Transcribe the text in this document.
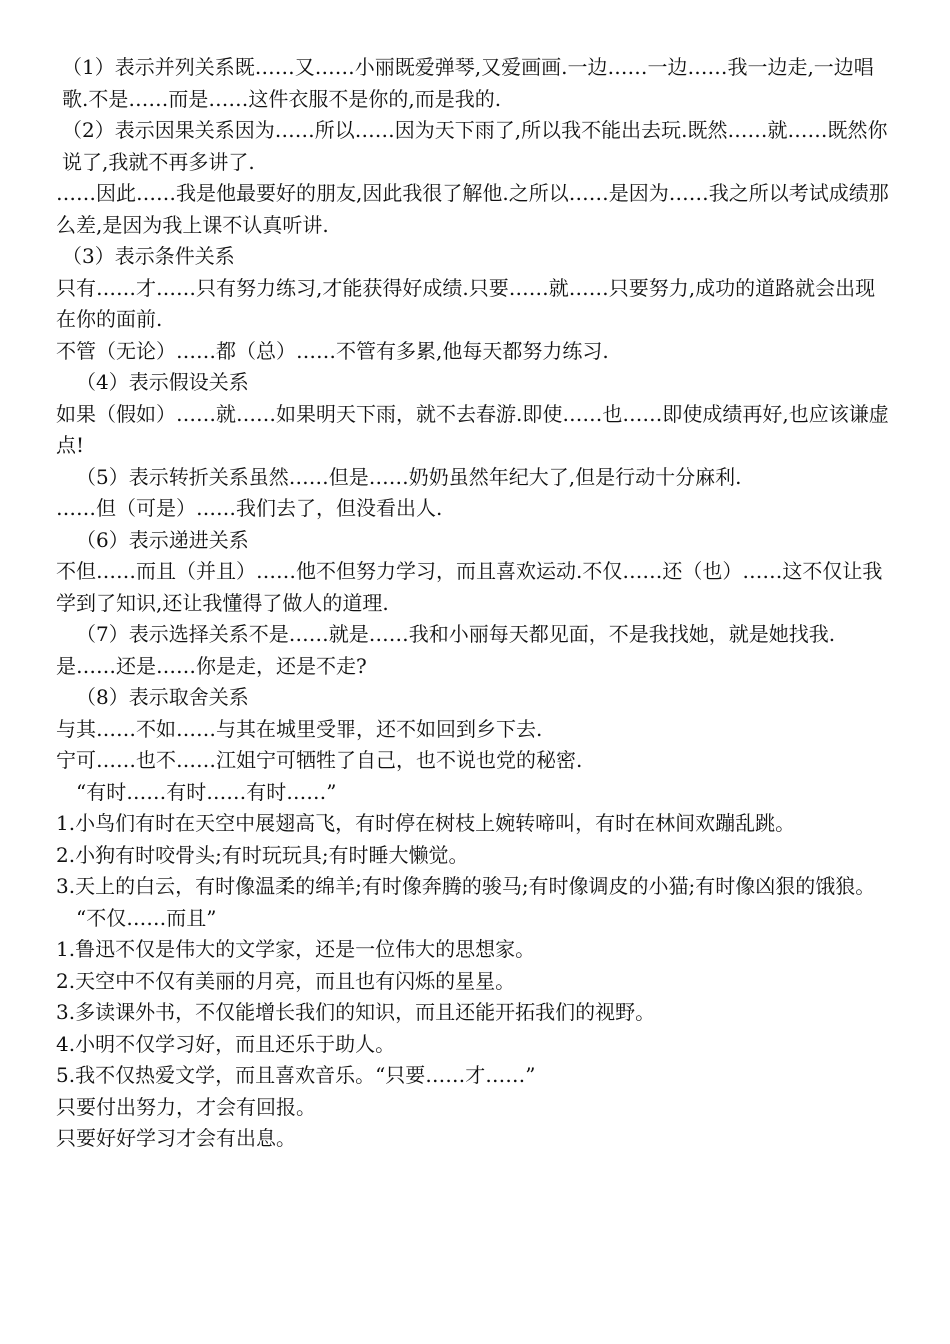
（1）表示并列关系既……又……小丽既爱弹琴,又爱画画.一边……一边……我一边走,一边唱歌.不是……而是……这件衣服不是你的,而是我的.

（2）表示因果关系因为……所以……因为天下雨了,所以我不能出去玩.既然……就……既然你说了,我就不再多讲了.

……因此……我是他最要好的朋友,因此我很了解他.之所以……是因为……我之所以考试成绩那么差,是因为我上课不认真听讲.

（3）表示条件关系

只有……才……只有努力练习,才能获得好成绩.只要……就……只要努力,成功的道路就会出现在你的面前.

不管（无论）……都（总）……不管有多累,他每天都努力练习.

（4）表示假设关系

如果（假如）……就……如果明天下雨，就不去春游.即使……也……即使成绩再好,也应该谦虚点!

（5）表示转折关系虽然……但是……奶奶虽然年纪大了,但是行动十分麻利.

……但（可是）……我们去了，但没看出人.

（6）表示递进关系

不但……而且（并且）……他不但努力学习，而且喜欢运动.不仅……还（也）……这不仅让我学到了知识,还让我懂得了做人的道理.

（7）表示选择关系不是……就是……我和小丽每天都见面，不是我找她，就是她找我.

是……还是……你是走，还是不走?

（8）表示取舍关系

与其……不如……与其在城里受罪，还不如回到乡下去.

宁可……也不……江姐宁可牺牲了自己，也不说也党的秘密.

“有时……有时……有时……”

1.小鸟们有时在天空中展翅高飞，有时停在树枝上婉转啼叫，有时在林间欢蹦乱跳。

2.小狗有时咬骨头;有时玩玩具;有时睡大懒觉。

3.天上的白云，有时像温柔的绵羊;有时像奔腾的骏马;有时像调皮的小猫;有时像凶狠的饿狼。

“不仅……而且”

1.鲁迅不仅是伟大的文学家，还是一位伟大的思想家。

2.天空中不仅有美丽的月亮，而且也有闪烁的星星。

3.多读课外书，不仅能增长我们的知识，而且还能开拓我们的视野。

4.小明不仅学习好，而且还乐于助人。

5.我不仅热爱文学，而且喜欢音乐。“只要……才……”

只要付出努力，才会有回报。

只要好好学习才会有出息。
